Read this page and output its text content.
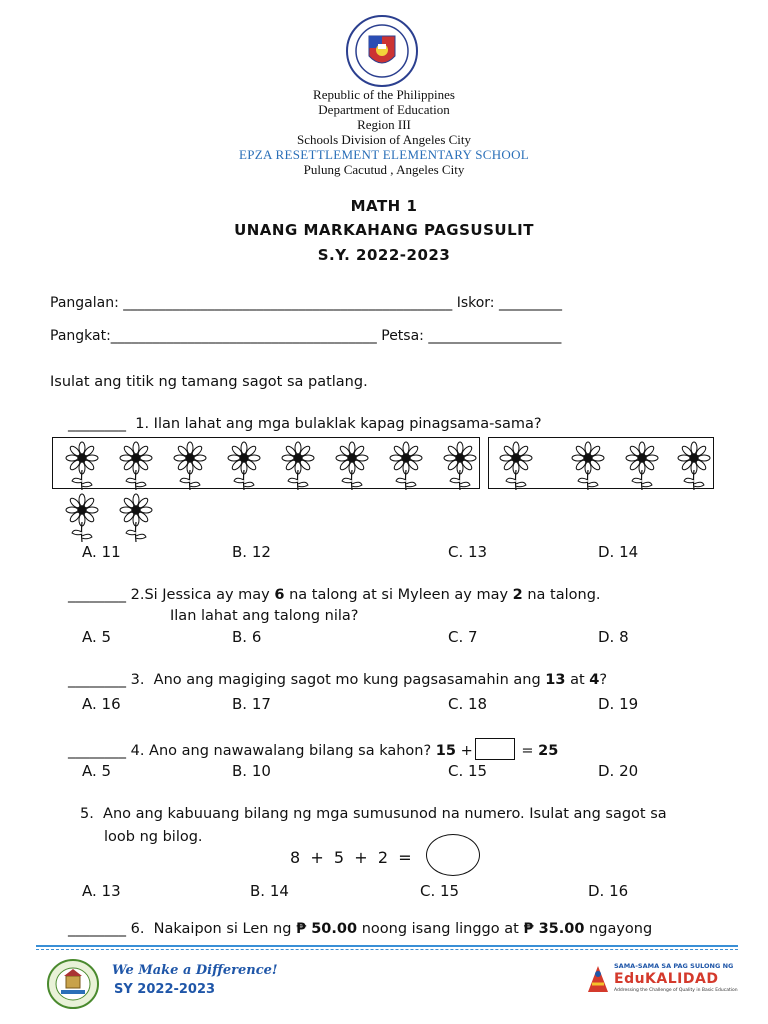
Republic of the Philippines
Department of Education
Region III
Schools Division of Angeles City
EPZA RESETTLEMENT ELEMENTARY SCHOOL
Pulung Cacutud , Angeles City
MATH 1
UNANG MARKAHANG PAGSUSULIT
S.Y. 2022-2023
Pangalan: _______________________________________________ Iskor: _________
Pangkat:______________________________________ Petsa: ___________________
Isulat ang titik ng tamang sagot sa patlang.
________  1. Ilan lahat ang mga bulaklak kapag pinagsama-sama?
A. 11	B. 12	C. 13	D. 14
________ 2.Si Jessica ay may 6 na talong at si Myleen ay may 2 na talong.
Ilan lahat ang talong nila?
A. 5	B. 6	C. 7	D. 8
________ 3.  Ano ang magiging sagot mo kung pagsasamahin ang 13 at 4?
A. 16	B. 17	C. 18	D. 19
________ 4. Ano ang nawawalang bilang sa kahon? 15 +	= 25
A. 5	B. 10	C. 15	D. 20
5.  Ano ang kabuuang bilang ng mga sumusunod na numero. Isulat ang sagot sa
loob ng bilog.
8  +  5  +  2  =
A. 13	B. 14	C. 15	D. 16
________ 6.  Nakaipon si Len ng ₱ 50.00 noong isang linggo at ₱ 35.00 ngayong
We Make a Difference!
SY 2022-2023
SAMA-SAMA SA PAG SULONG NG
EduKALIDAD
Addressing the Challenge of Quality in Basic Education
